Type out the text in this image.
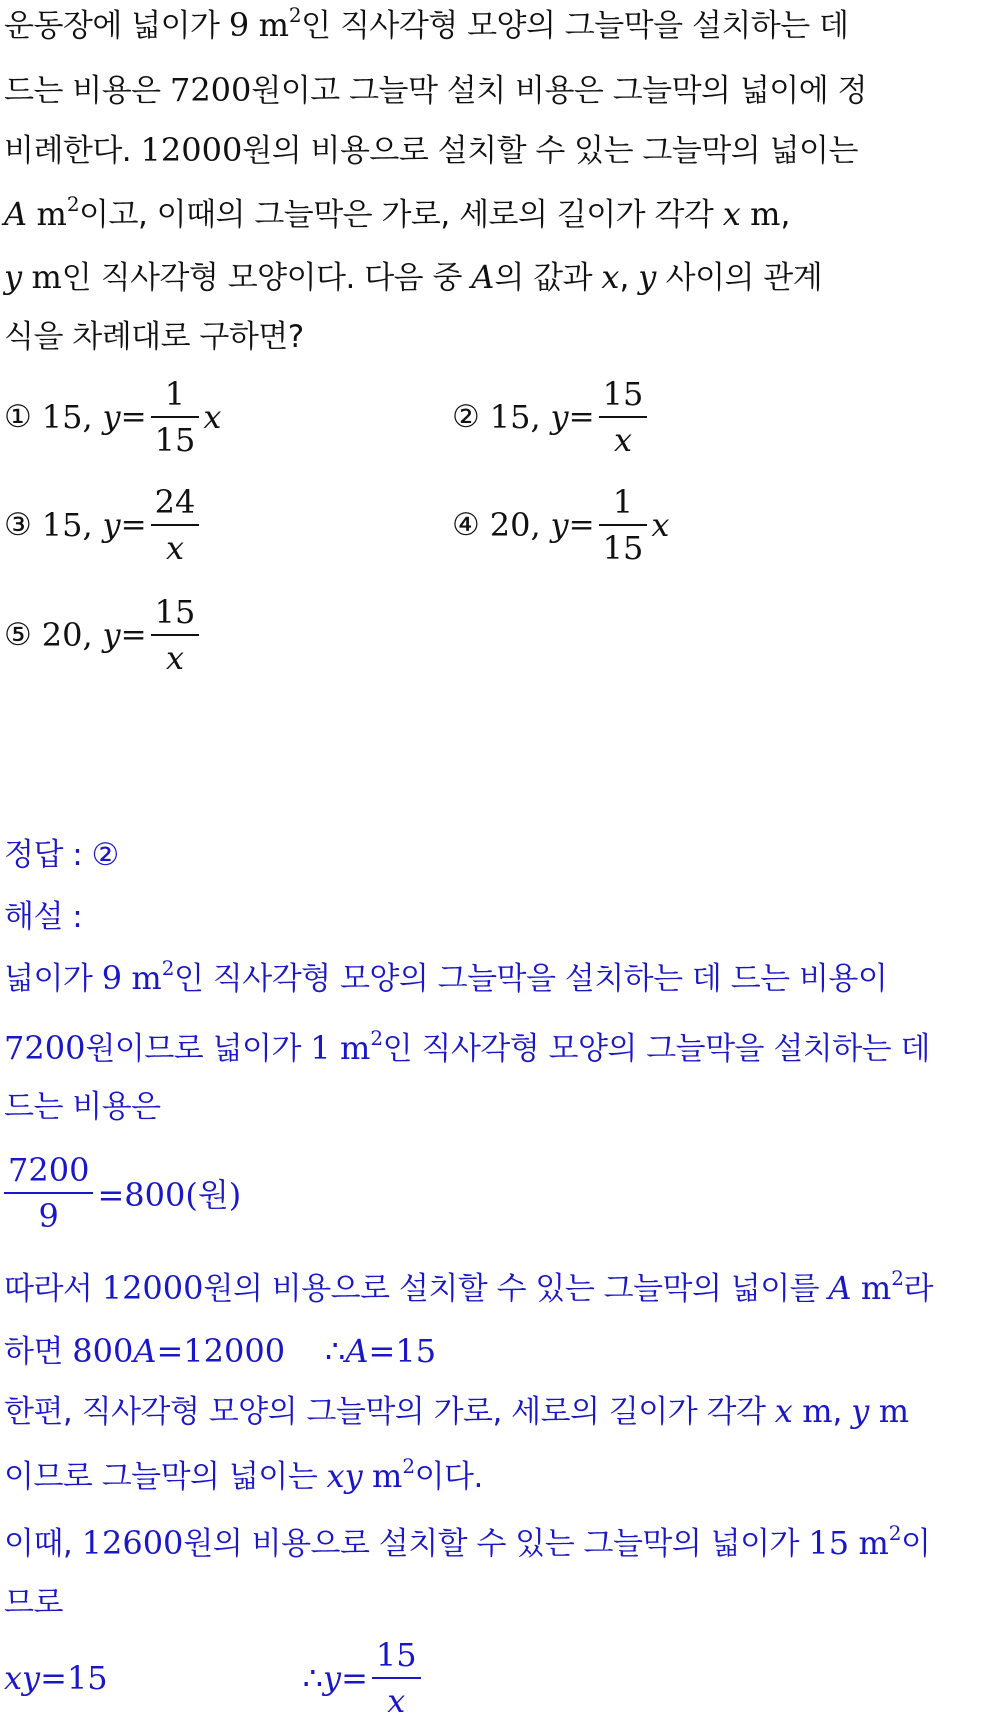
운동장에 넓이가 9 $m^2$인 직사각형 모양의 그늘막을 설치하는 데
드는 비용은 7200원이고 그늘막 설치 비용은 그늘막의 넓이에 정
비례한다. 12000원의 비용으로 설치할 수 있는 그늘막의 넓이는
A $m^2$이고, 이때의 그늘막은 가로, 세로의 길이가 각각 x m,
y m인 직사각형 모양이다. 다음 중 A의 값과 x, y 사이의 관계
식을 차례대로 구하면?
① 15,
$y = \frac{1}{15}$ x	② 15,
$y = \frac{15}{x}$
③ 15,
$y = \frac{24}{x}$	④ 20,
$y = \frac{1}{15}$ x
⑤ 20,
$y = \frac{15}{x}$
정답 : ②
해설 :
넓이가 9 $m^2$인 직사각형 모양의 그늘막을 설치하는 데 드는 비용이
7200원이므로 넓이가 1 $m^2$인 직사각형 모양의 그늘막을 설치하는 데
드는 비용은
$\frac{7200}{9} =800$(원)
따라서 12000원의 비용으로 설치할 수 있는 그늘막의 넓이를 A $m^2$라
하면 800A=12000 ∴A=15
한편, 직사각형 모양의 그늘막의 가로, 세로의 길이가 각각 x m, y m
이므로 그늘막의 넓이는 xy $m^2$이다.
이때, 12600원의 비용으로 설치할 수 있는 그늘막의 넓이가 15 $m^2$이
므로
xy =15	∴ $y = \frac{15}{x}$
